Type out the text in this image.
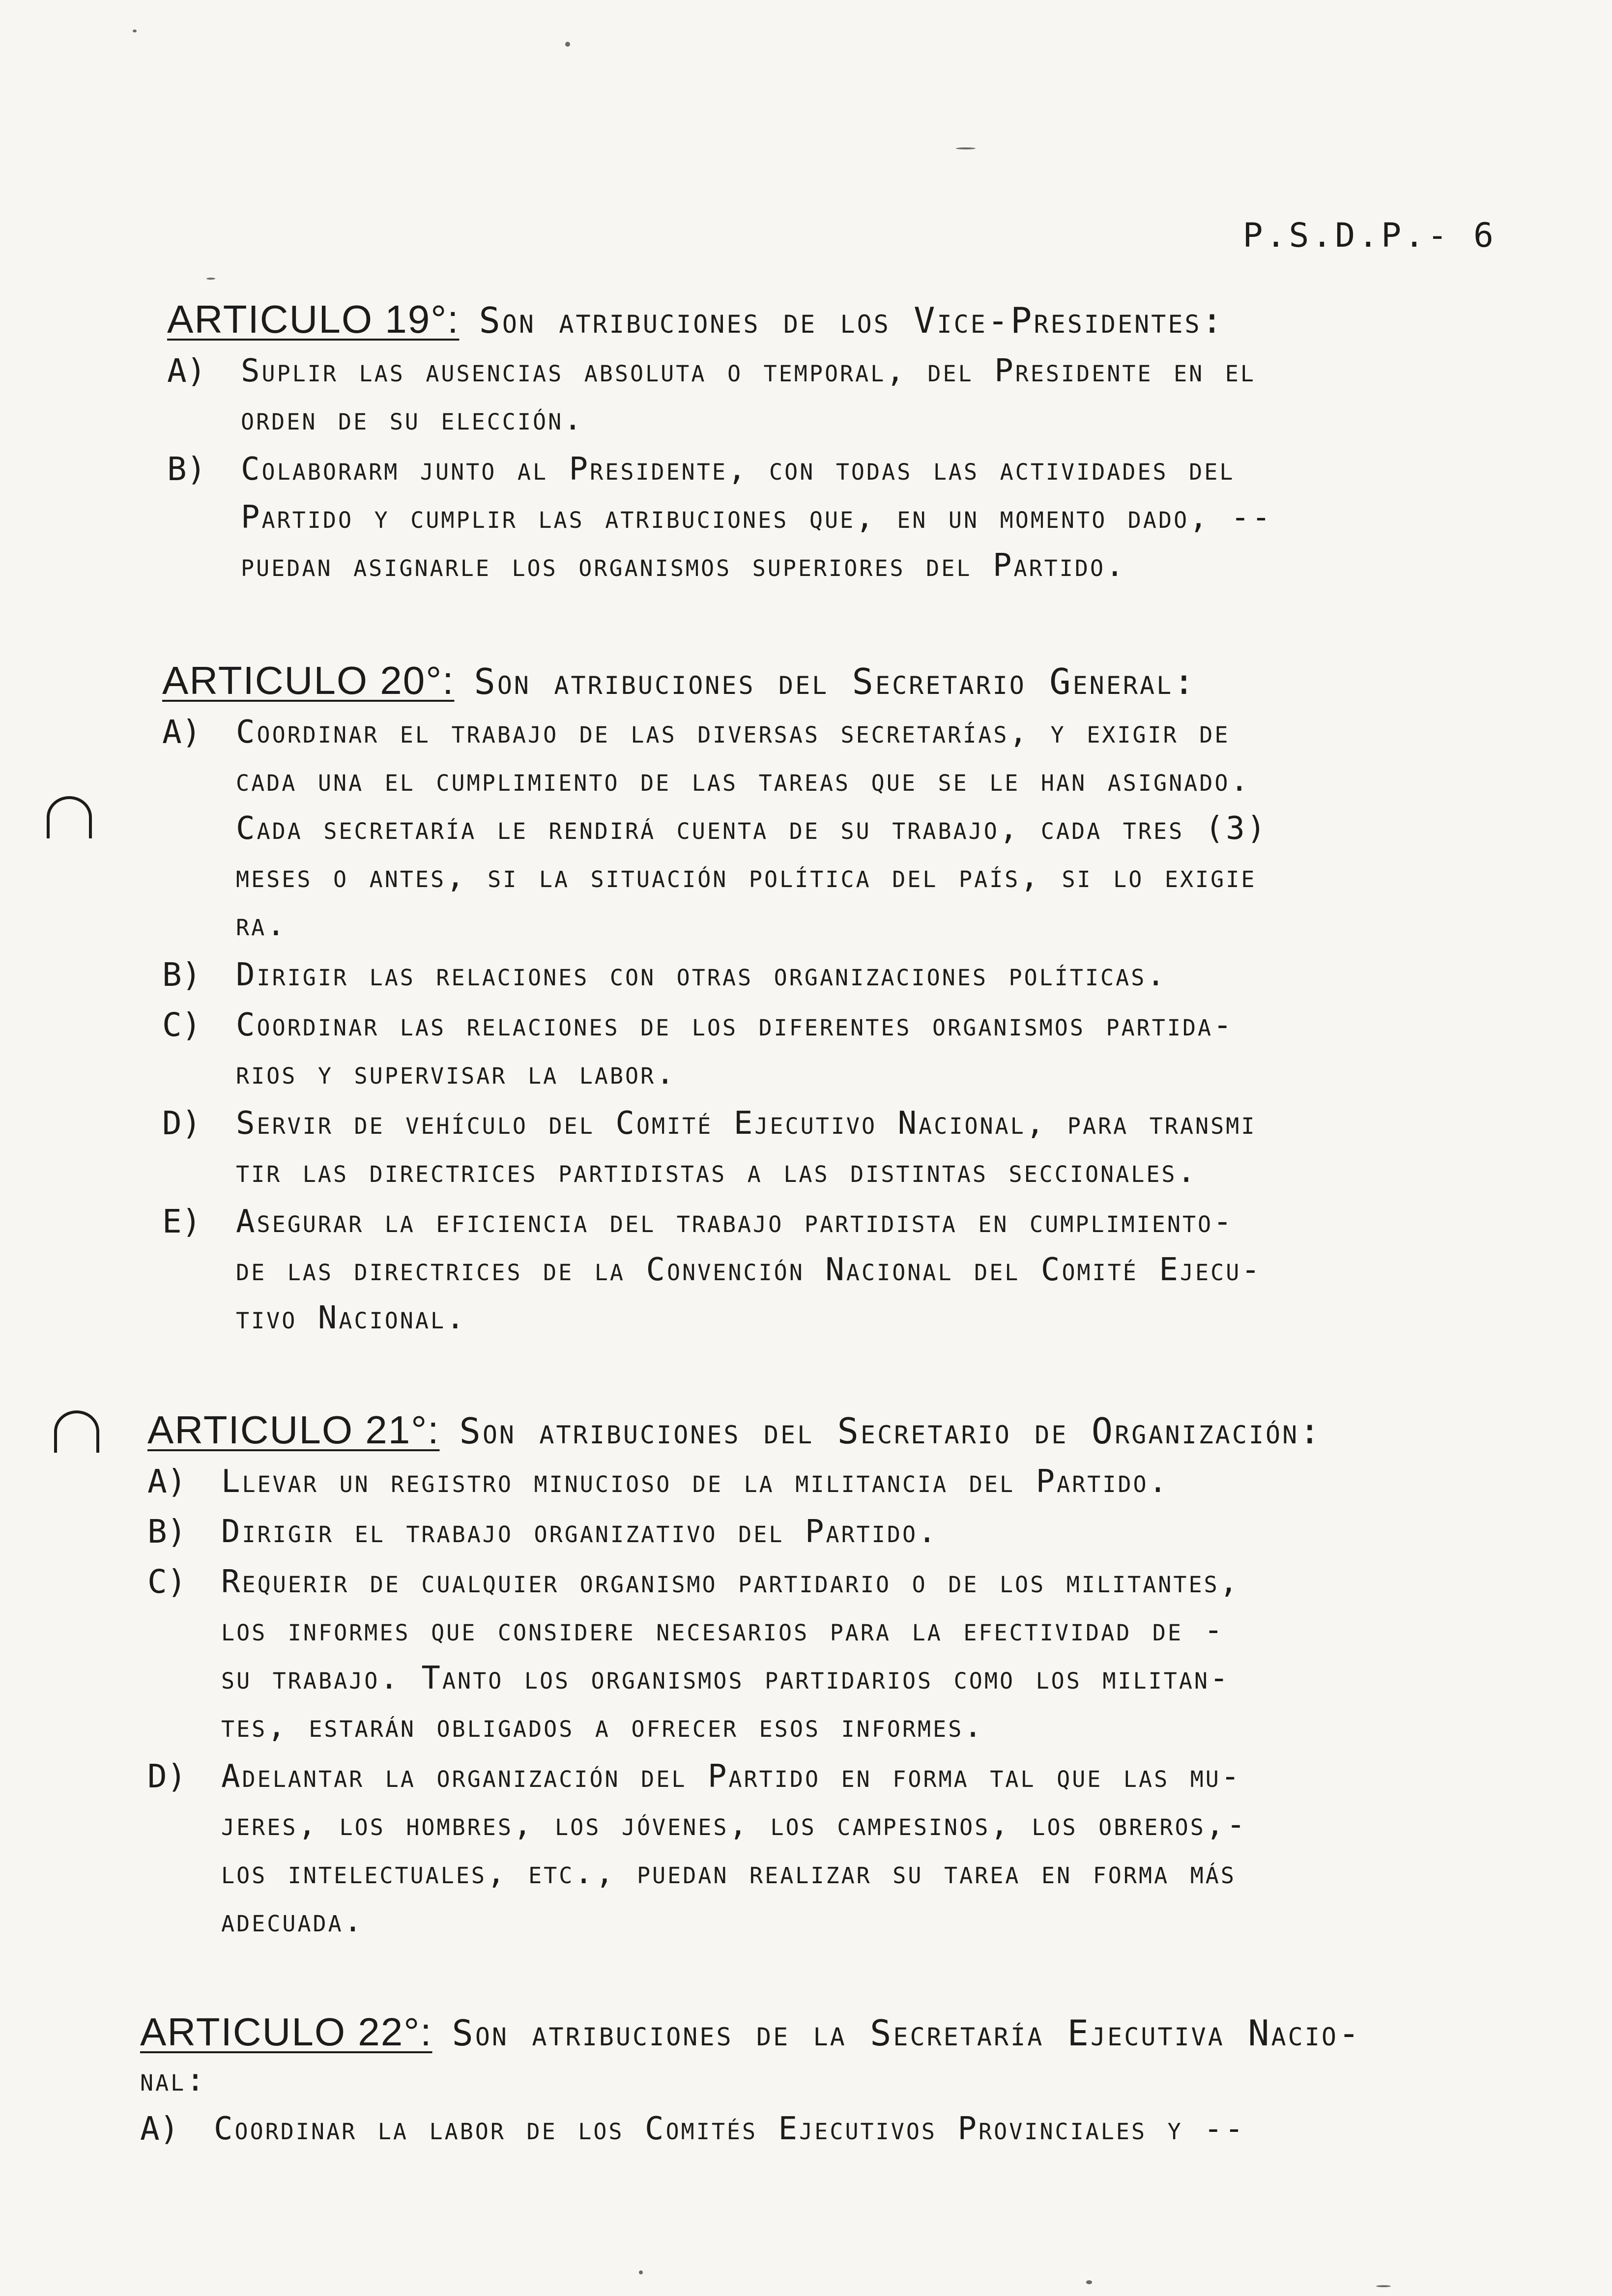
P.S.D.P.- 6
ARTICULO 19°: Son atribuciones de los Vice-Presidentes:
A)	Suplir las ausencias absoluta o temporal, del Presidente en el
orden de su elección.
B)	Colaborarm junto al Presidente, con todas las actividades del
Partido y cumplir las atribuciones que, en un momento dado, --
puedan asignarle los organismos superiores del Partido.
ARTICULO 20°: Son atribuciones del Secretario General:
A)	Coordinar el trabajo de las diversas secretarías, y exigir de
cada una el cumplimiento de las tareas que se le han asignado.
Cada secretaría le rendirá cuenta de su trabajo, cada tres (3)
meses o antes, si la situación política del país, si lo exigie
ra.
B)	Dirigir las relaciones con otras organizaciones políticas.
C)	Coordinar las relaciones de los diferentes organismos partida-
rios y supervisar la labor.
D)	Servir de vehículo del Comité Ejecutivo Nacional, para transmi
tir las directrices partidistas a las distintas seccionales.
E)	Asegurar la eficiencia del trabajo partidista en cumplimiento-
de las directrices de la Convención Nacional del Comité Ejecu-
tivo Nacional.
ARTICULO 21°: Son atribuciones del Secretario de Organización:
A)	Llevar un registro minucioso de la militancia del Partido.
B)	Dirigir el trabajo organizativo del Partido.
C)	Requerir de cualquier organismo partidario o de los militantes,
los informes que considere necesarios para la efectividad de -
su trabajo. Tanto los organismos partidarios como los militan-
tes, estarán obligados a ofrecer esos informes.
D)	Adelantar la organización del Partido en forma tal que las mu-
jeres, los hombres, los jóvenes, los campesinos, los obreros,-
los intelectuales, etc., puedan realizar su tarea en forma más
adecuada.
ARTICULO 22°: Son atribuciones de la Secretaría Ejecutiva Nacio-
nal:
A)	Coordinar la labor de los Comités Ejecutivos Provinciales y --
